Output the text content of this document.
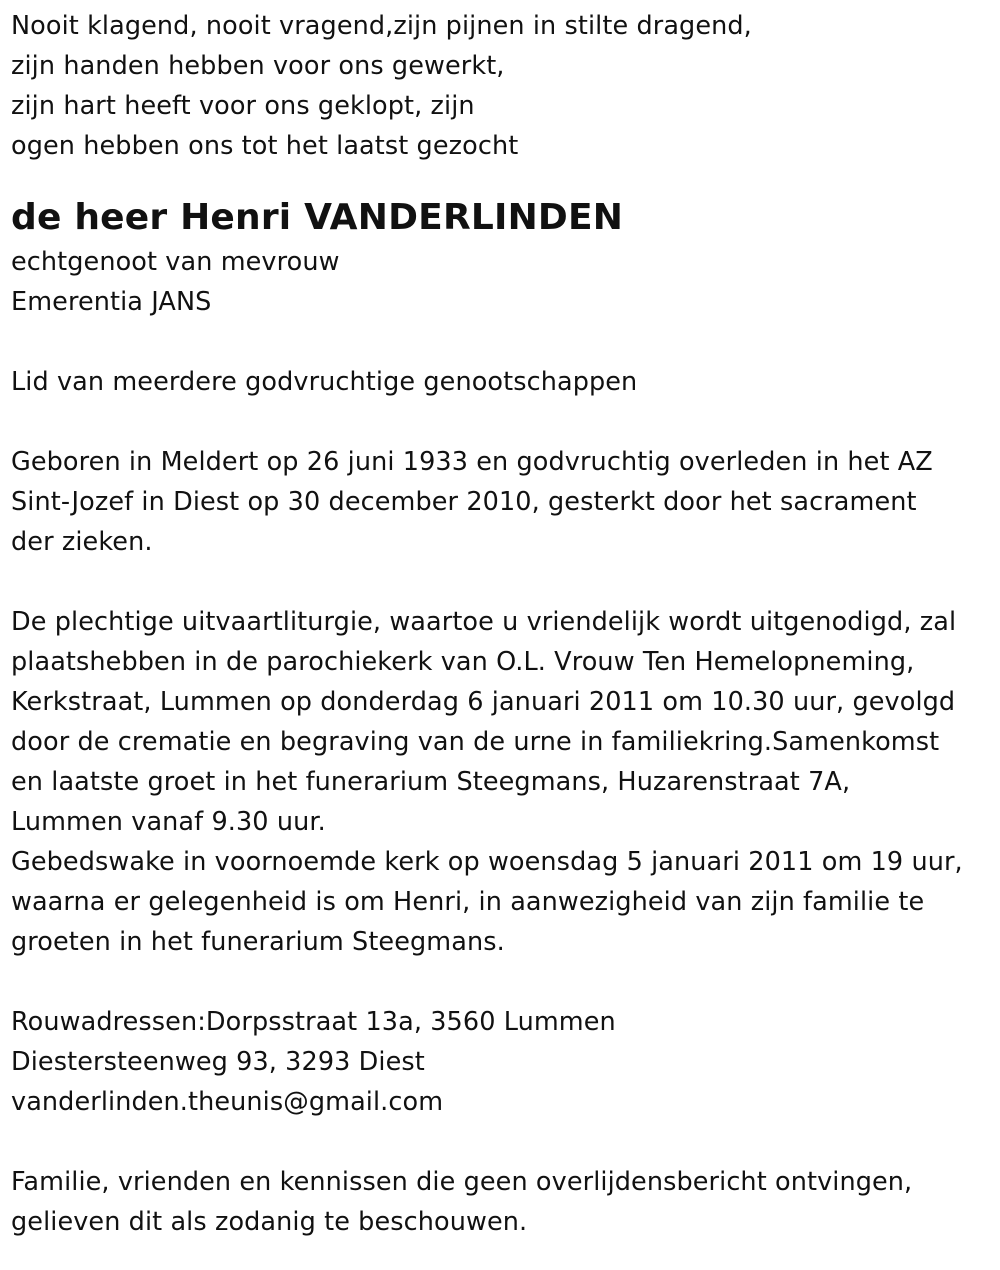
Nooit klagend, nooit vragend,zijn pijnen in stilte dragend,
zijn handen hebben voor ons gewerkt,
zijn hart heeft voor ons geklopt, zijn
ogen hebben ons tot het laatst gezocht
de heer Henri VANDERLINDEN
echtgenoot van mevrouw
Emerentia JANS
Lid van meerdere godvruchtige genootschappen
Geboren in Meldert op 26 juni 1933 en godvruchtig overleden in het AZ
Sint-Jozef in Diest op 30 december 2010, gesterkt door het sacrament
der zieken.
De plechtige uitvaartliturgie, waartoe u vriendelijk wordt uitgenodigd, zal
plaatshebben in de parochiekerk van O.L. Vrouw Ten Hemelopneming,
Kerkstraat, Lummen op donderdag 6 januari 2011 om 10.30 uur, gevolgd
door de crematie en begraving van de urne in familiekring.Samenkomst
en laatste groet in het funerarium Steegmans, Huzarenstraat 7A,
Lummen vanaf 9.30 uur.
Gebedswake in voornoemde kerk op woensdag 5 januari 2011 om 19 uur,
waarna er gelegenheid is om Henri, in aanwezigheid van zijn familie te
groeten in het funerarium Steegmans.
Rouwadressen:Dorpsstraat 13a, 3560 Lummen
Diestersteenweg 93, 3293 Diest
vanderlinden.theunis@gmail.com
Familie, vrienden en kennissen die geen overlijdensbericht ontvingen,
gelieven dit als zodanig te beschouwen.
